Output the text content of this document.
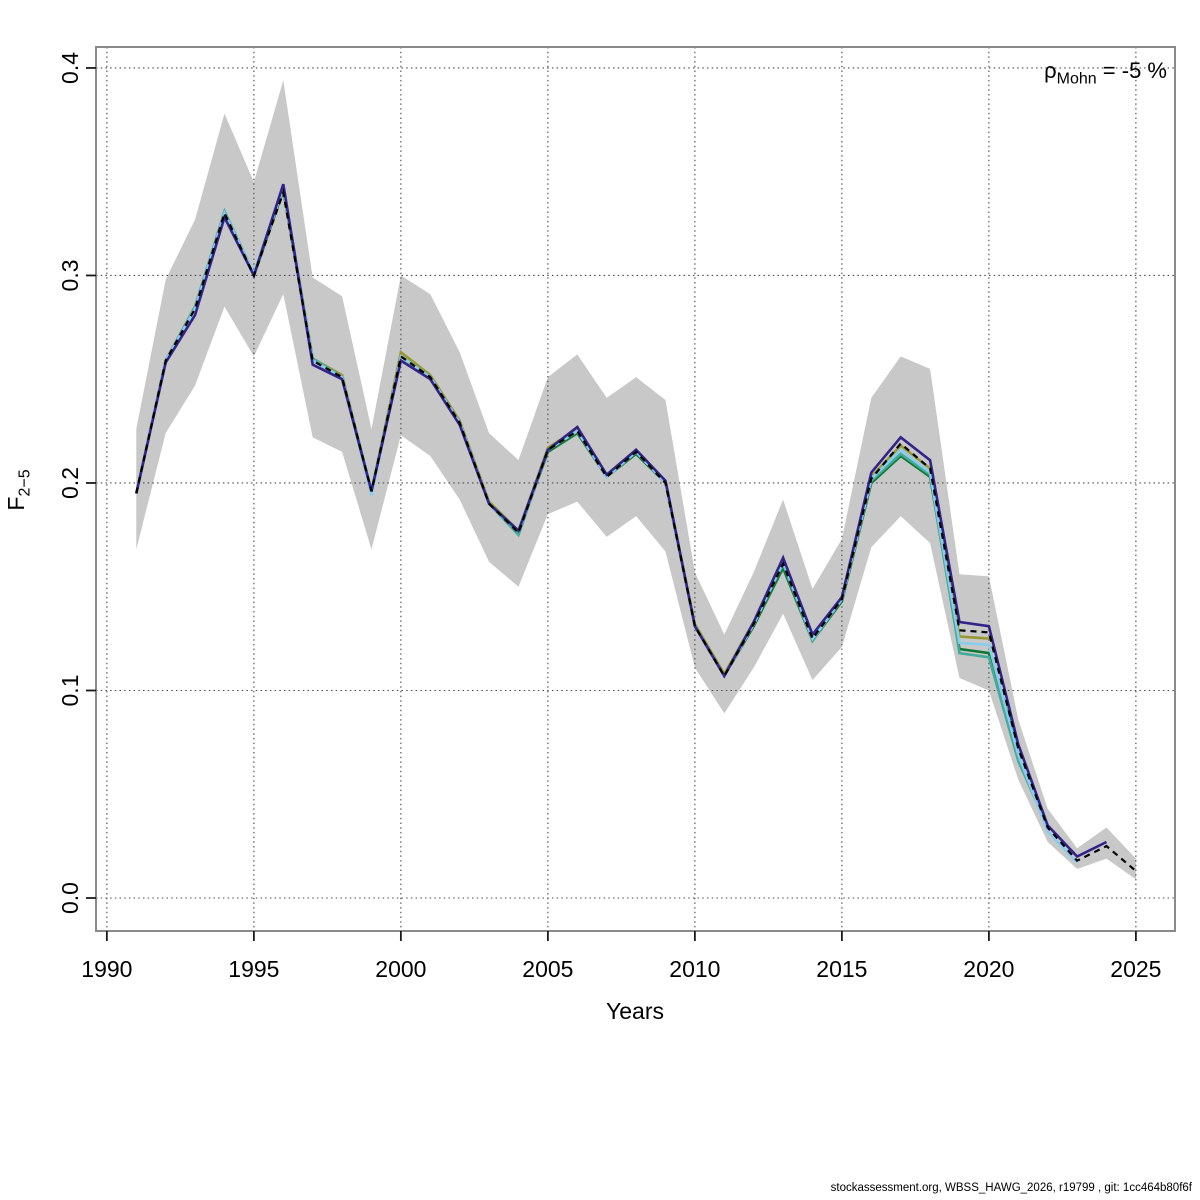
1990	1995	2000	2005	2010	2015	2020	2025
0.0
0.1
0.2
0.3
0.4
$F_{2-5}$
Years
$\rho_{Mohn} = -5$ %
stockassessment.org, WBSS_HAWG_2026, r19799 , git: 1cc464b80f6f
